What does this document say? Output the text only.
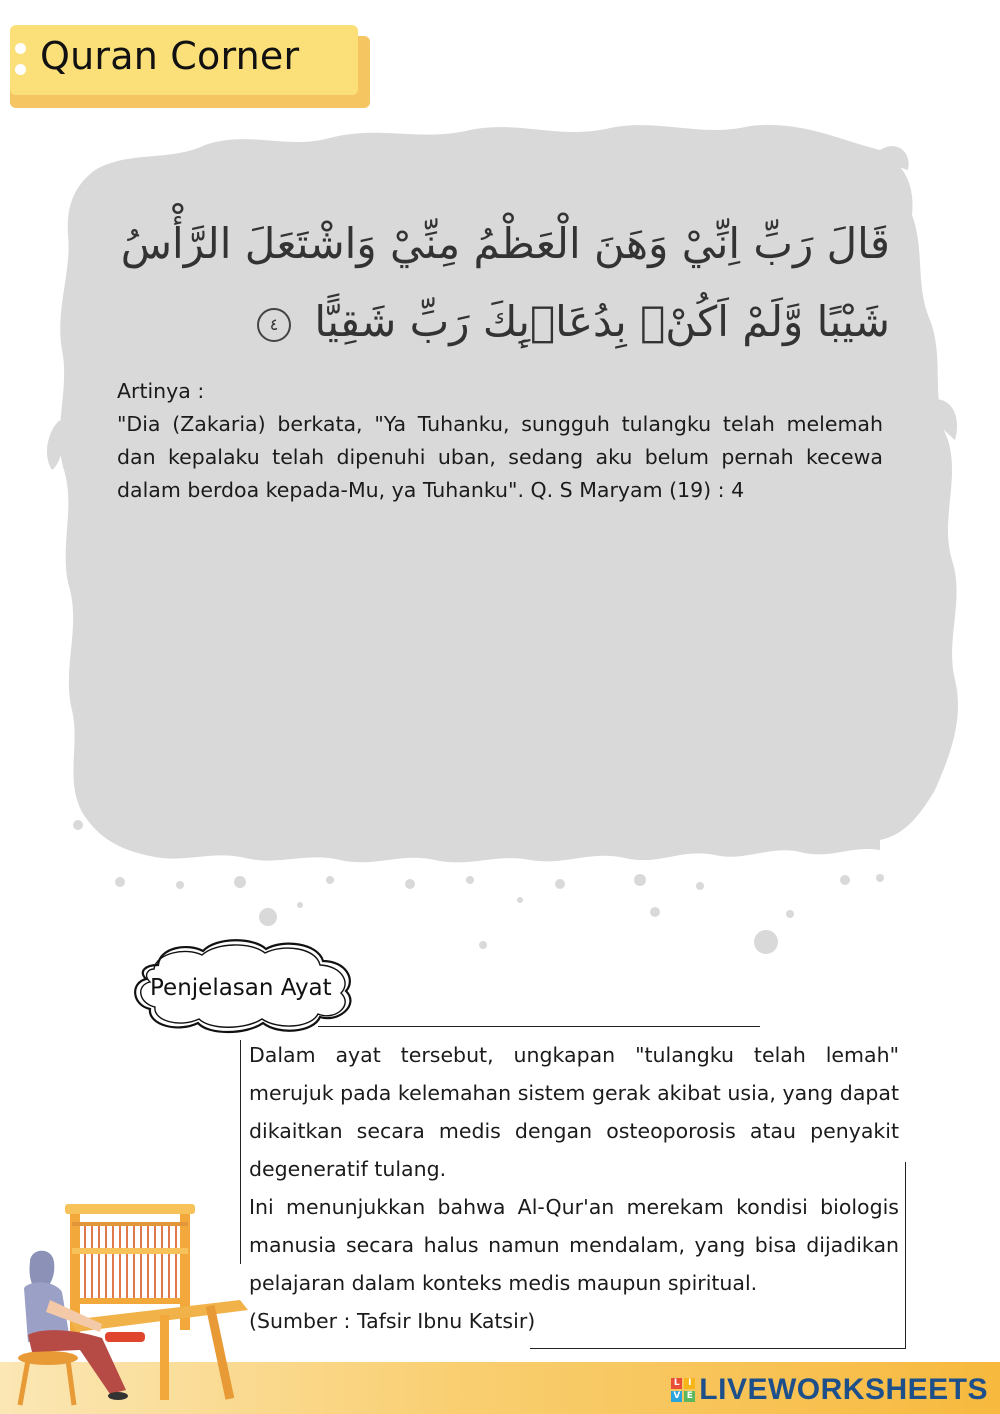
Quran Corner
قَالَ رَبِّ اِنِّيْ وَهَنَ الْعَظْمُ مِنِّيْ وَاشْتَعَلَ الرَّأْسُ شَيْبًا وَّلَمْ اَكُنْۢ بِدُعَاۤىِٕكَ رَبِّ شَقِيًّا ٤
Artinya :
"Dia (Zakaria) berkata, "Ya Tuhanku, sungguh tulangku telah melemah dan kepalaku telah dipenuhi uban, sedang aku belum pernah kecewa dalam berdoa kepada-Mu, ya Tuhanku". Q. S Maryam (19) : 4
Penjelasan Ayat

Dalam ayat tersebut, ungkapan "tulangku telah lemah" merujuk pada kelemahan sistem gerak akibat usia, yang dapat dikaitkan secara medis dengan osteoporosis atau penyakit degeneratif tulang.

Ini menunjukkan bahwa Al-Qur'an merekam kondisi biologis manusia secara halus namun mendalam, yang bisa dijadikan pelajaran dalam konteks medis maupun spiritual.

(Sumber : Tafsir Ibnu Katsir)

L I
V E LIVEWORKSHEETS
